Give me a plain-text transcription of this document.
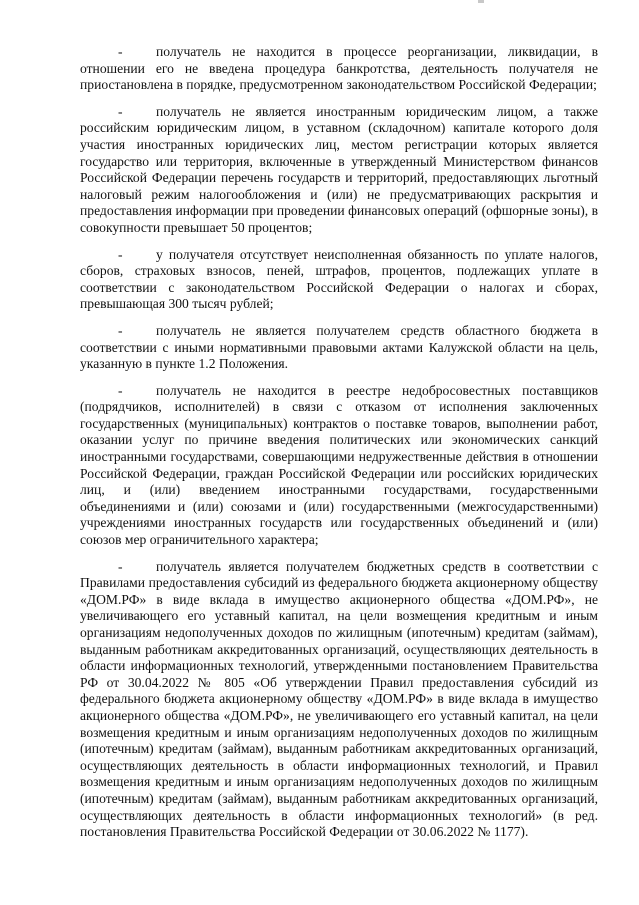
- получатель не находится в процессе реорганизации, ликвидации, в отношении его не введена процедура банкротства, деятельность получателя не приостановлена в порядке, предусмотренном законодательством Российской Федерации;

- получатель не является иностранным юридическим лицом, а также российским юридическим лицом, в уставном (складочном) капитале которого доля участия иностранных юридических лиц, местом регистрации которых является государство или территория, включенные в утвержденный Министерством финансов Российской Федерации перечень государств и территорий, предоставляющих льготный налоговый режим налогообложения и (или) не предусматривающих раскрытия и предоставления информации при проведении финансовых операций (офшорные зоны), в совокупности превышает 50 процентов;

- у получателя отсутствует неисполненная обязанность по уплате налогов, сборов, страховых взносов, пеней, штрафов, процентов, подлежащих уплате в соответствии с законодательством Российской Федерации о налогах и сборах, превышающая 300 тысяч рублей;

- получатель не является получателем средств областного бюджета в соответствии с иными нормативными правовыми актами Калужской области на цель, указанную в пункте 1.2 Положения.

- получатель не находится в реестре недобросовестных поставщиков (подрядчиков, исполнителей) в связи с отказом от исполнения заключенных государственных (муниципальных) контрактов о поставке товаров, выполнении работ, оказании услуг по причине введения политических или экономических санкций иностранными государствами, совершающими недружественные действия в отношении Российской Федерации, граждан Российской Федерации или российских юридических лиц, и (или) введением иностранными государствами, государственными объединениями и (или) союзами и (или) государственными (межгосударственными) учреждениями иностранных государств или государственных объединений и (или) союзов мер ограничительного характера;

- получатель является получателем бюджетных средств в соответствии с Правилами предоставления субсидий из федерального бюджета акционерному обществу «ДОМ.РФ» в виде вклада в имущество акционерного общества «ДОМ.РФ», не увеличивающего его уставный капитал, на цели возмещения кредитным и иным организациям недополученных доходов по жилищным (ипотечным) кредитам (займам), выданным работникам аккредитованных организаций, осуществляющих деятельность в области информационных технологий, утвержденными постановлением Правительства РФ от 30.04.2022 № 805 «Об утверждении Правил предоставления субсидий из федерального бюджета акционерному обществу «ДОМ.РФ» в виде вклада в имущество акционерного общества «ДОМ.РФ», не увеличивающего его уставный капитал, на цели возмещения кредитным и иным организациям недополученных доходов по жилищным (ипотечным) кредитам (займам), выданным работникам аккредитованных организаций, осуществляющих деятельность в области информационных технологий, и Правил возмещения кредитным и иным организациям недополученных доходов по жилищным (ипотечным) кредитам (займам), выданным работникам аккредитованных организаций, осуществляющих деятельность в области информационных технологий» (в ред. постановления Правительства Российской Федерации от 30.06.2022 № 1177).
